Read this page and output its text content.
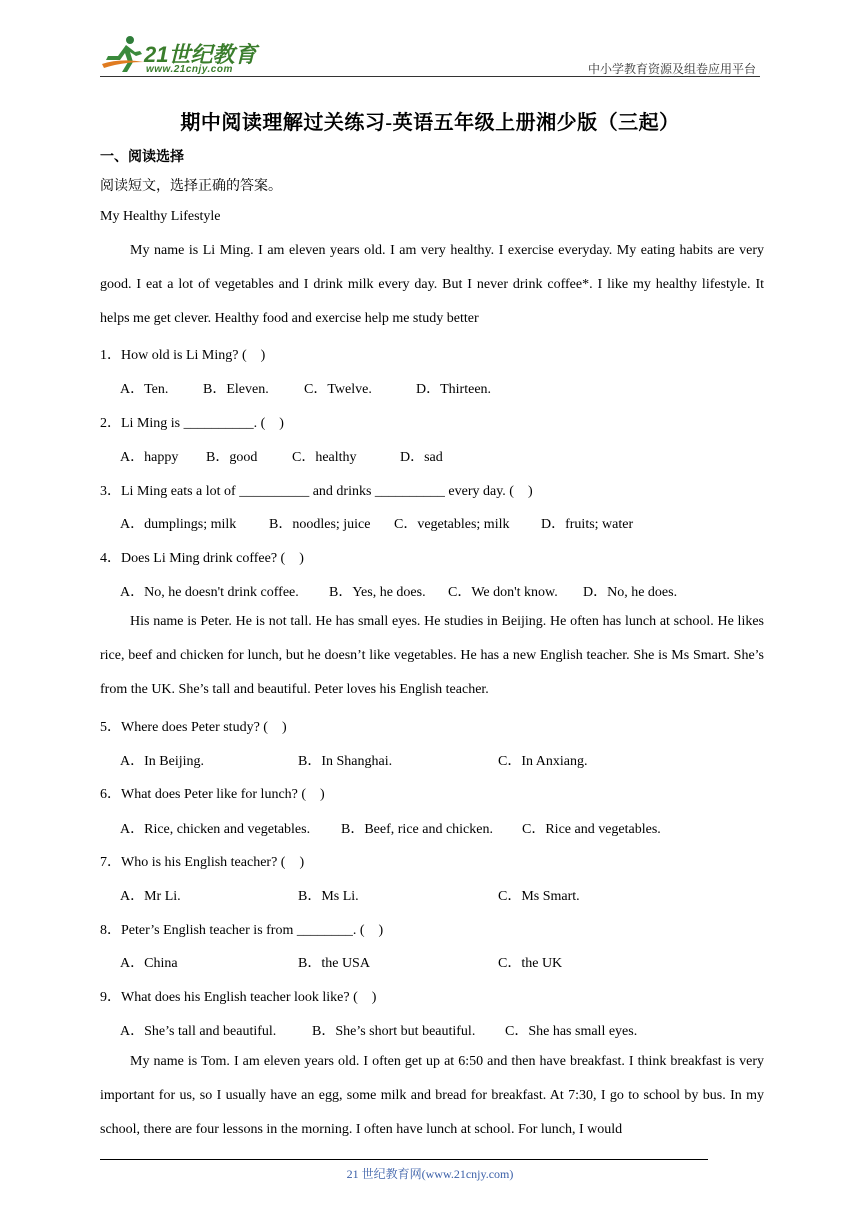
21世纪教育
www.21cnjy.com	中小学教育资源及组卷应用平台
期中阅读理解过关练习-英语五年级上册湘少版（三起）
一、阅读选择
阅读短文，选择正确的答案。
My Healthy Lifestyle
My name is Li Ming. I am eleven years old. I am very healthy. I exercise everyday. My eating habits are very good. I eat a lot of vegetables and I drink milk every day. But I never drink coffee*. I like my healthy lifestyle. It helps me get clever. Healthy food and exercise help me study better
1．How old is Li Ming? (　)
A．Ten. B．Eleven.	C．Twelve.	D．Thirteen.
2．Li Ming is __________. (　)
A．happy B．good C．healthy	D．sad
3．Li Ming eats a lot of __________ and drinks __________ every day. (　)
A．dumplings; milk B．noodles; juice C．vegetables; milk D．fruits; water
4．Does Li Ming drink coffee? (　)
A．No, he doesn't drink coffee. B．Yes, he does. C．We don't know. D．No, he does.
His name is Peter. He is not tall. He has small eyes. He studies in Beijing. He often has lunch at school. He likes rice, beef and chicken for lunch, but he doesn’t like vegetables. He has a new English teacher. She is Ms Smart. She’s from the UK. She’s tall and beautiful. Peter loves his English teacher.
5．Where does Peter study? (　)
A．In Beijing.	B．In Shanghai.	C．In Anxiang.
6．What does Peter like for lunch? (　)
A．Rice, chicken and vegetables. B．Beef, rice and chicken. C．Rice and vegetables.
7．Who is his English teacher? (　)
A．Mr Li.	B．Ms Li.	C．Ms Smart.
8．Peter’s English teacher is from ________. (　)
A．China	B．the USA	C．the UK
9．What does his English teacher look like? (　)
A．She’s tall and beautiful.	B．She’s short but beautiful. C．She has small eyes.
My name is Tom. I am eleven years old. I often get up at 6:50 and then have breakfast. I think breakfast is very important for us, so I usually have an egg, some milk and bread for breakfast. At 7:30, I go to school by bus. In my school, there are four lessons in the morning. I often have lunch at school. For lunch, I would
21 世纪教育网(www.21cnjy.com)
